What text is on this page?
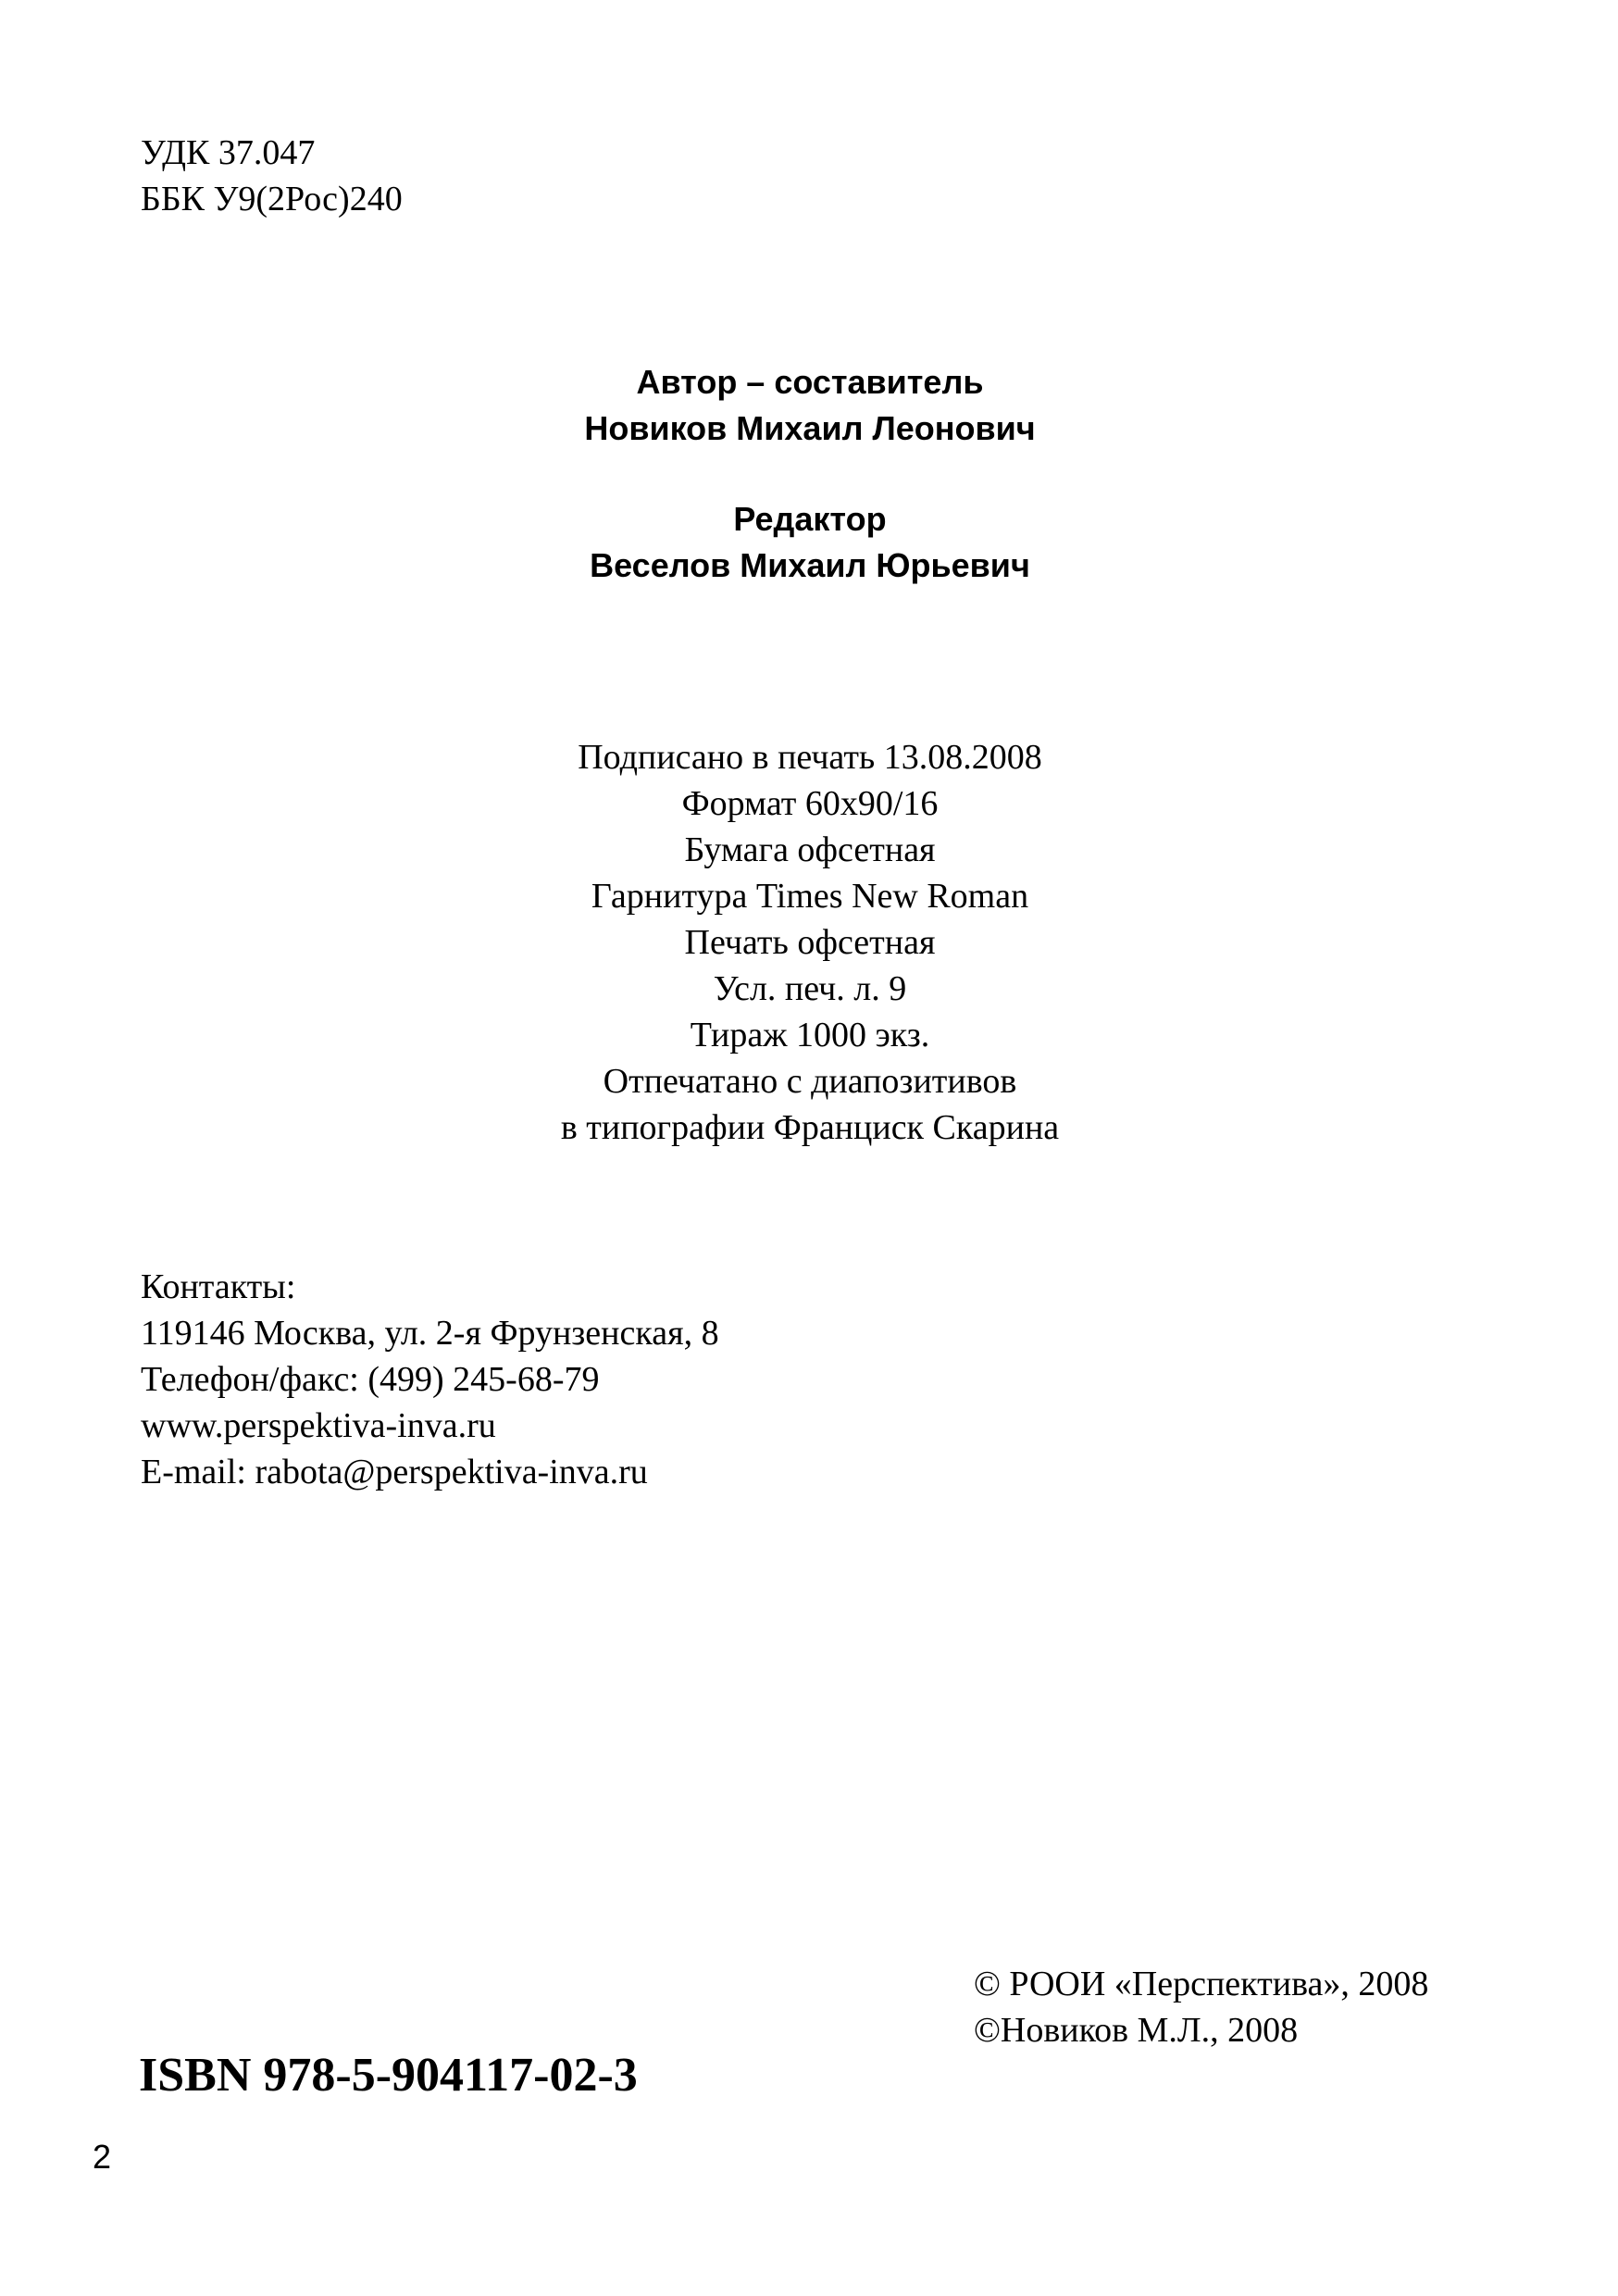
УДК 37.047
ББК У9(2Рос)240
Автор – составитель
Новиков Михаил Леонович
Редактор
Веселов Михаил Юрьевич
Подписано в печать 13.08.2008
Формат 60х90/16
Бумага офсетная
Гарнитура Times New Roman
Печать офсетная
Усл. печ. л. 9
Тираж 1000 экз.
Отпечатано с диапозитивов
в типографии Франциск Скарина
Контакты:
119146 Москва, ул. 2-я Фрунзенская, 8
Телефон/факс: (499) 245-68-79
www.perspektiva-inva.ru
E-mail: rabota@perspektiva-inva.ru
© РООИ «Перспектива», 2008
©Новиков М.Л., 2008
ISBN 978-5-904117-02-3
2
